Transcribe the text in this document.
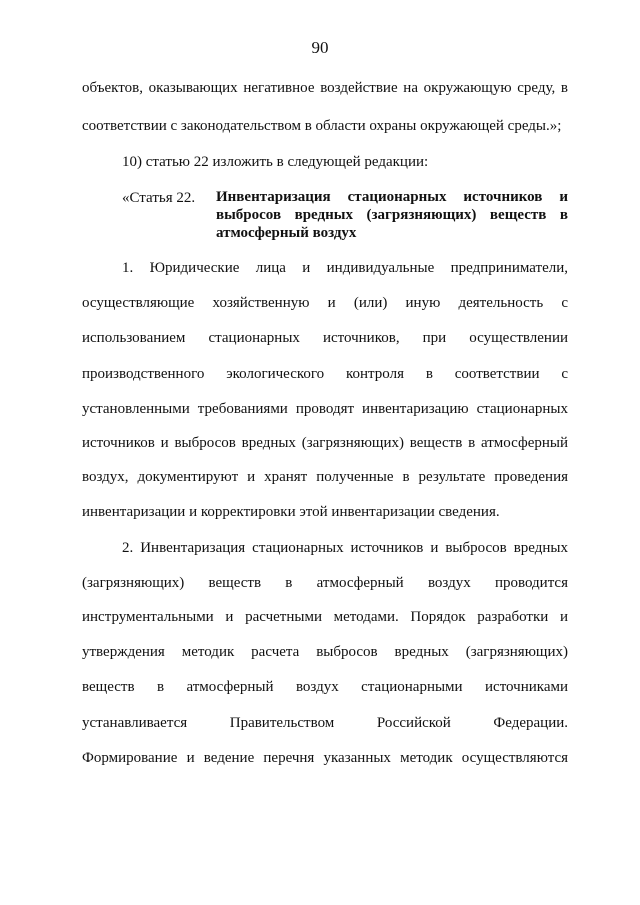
90
объектов, оказывающих негативное воздействие на окружающую среду, в
соответствии с законодательством в области охраны окружающей среды.»;
10) статью 22 изложить в следующей редакции:
«Статья 22. Инвентаризация стационарных источников и
выбросов вредных (загрязняющих) веществ в
атмосферный воздух
1. Юридические лица и индивидуальные предприниматели,
осуществляющие хозяйственную и (или) иную деятельность с
использованием стационарных источников, при осуществлении
производственного экологического контроля в соответствии с
установленными требованиями проводят инвентаризацию стационарных
источников и выбросов вредных (загрязняющих) веществ в атмосферный
воздух, документируют и хранят полученные в результате проведения
инвентаризации и корректировки этой инвентаризации сведения.
2. Инвентаризация стационарных источников и выбросов вредных
(загрязняющих) веществ в атмосферный воздух проводится
инструментальными и расчетными методами. Порядок разработки и
утверждения методик расчета выбросов вредных (загрязняющих)
веществ в атмосферный воздух стационарными источниками
устанавливается Правительством Российской Федерации.
Формирование и ведение перечня указанных методик осуществляются
